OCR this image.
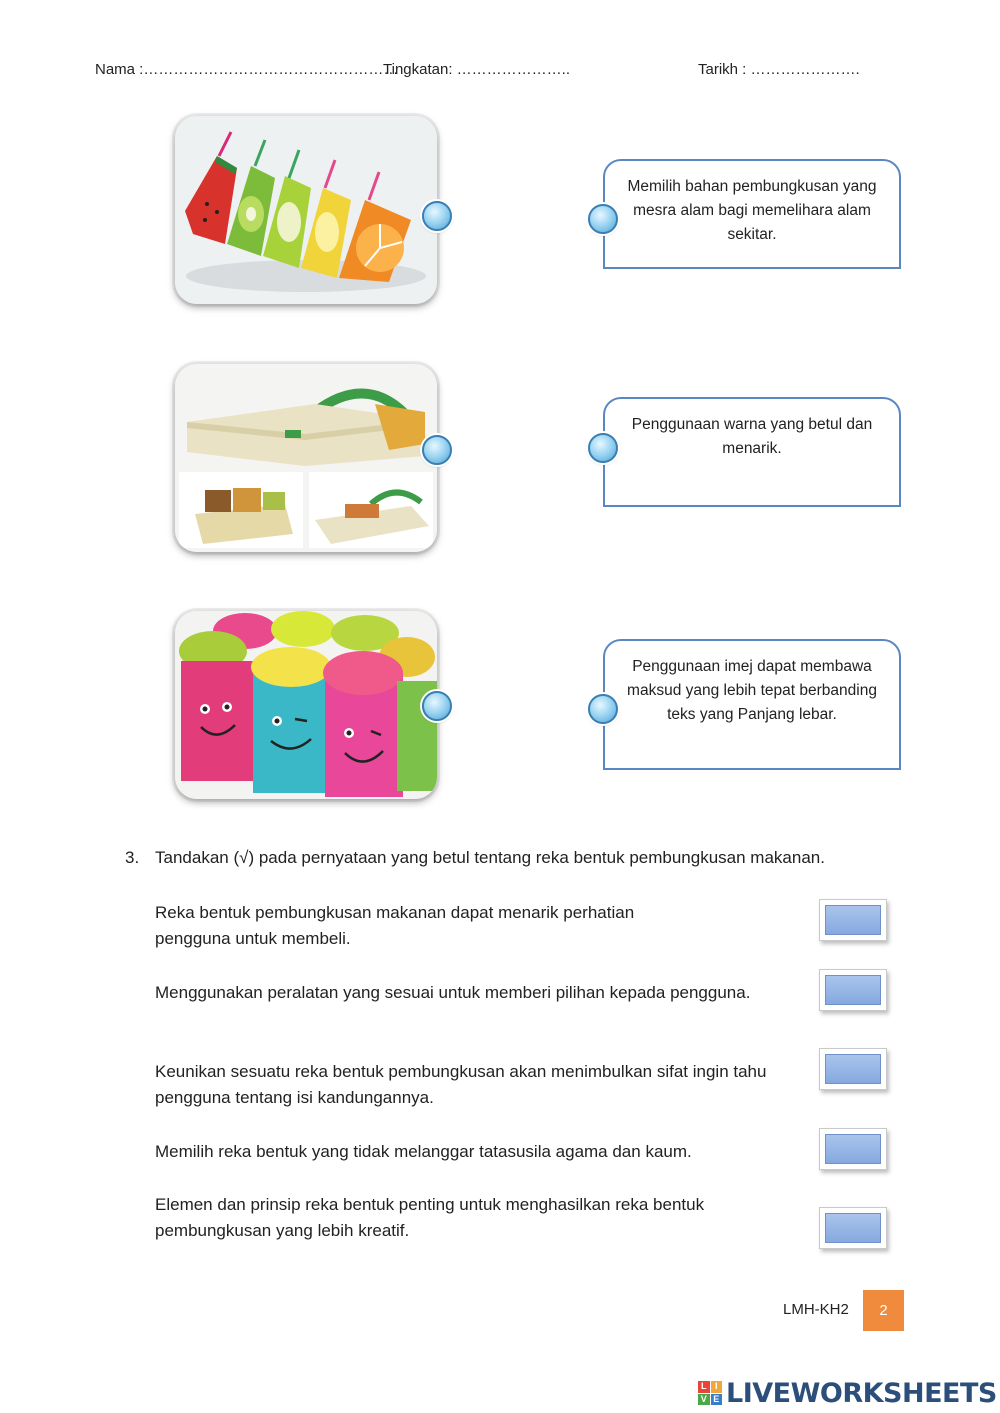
Nama :……………………………………………
Tingkatan: …………………..	Tarikh : ………………….
Memilih bahan pembungkusan yang mesra alam bagi memelihara alam sekitar.
Penggunaan warna yang betul dan menarik.
Penggunaan imej dapat membawa maksud yang lebih tepat berbanding teks yang Panjang lebar.
3. Tandakan (√) pada pernyataan yang betul tentang reka bentuk pembungkusan makanan.
Reka bentuk pembungkusan makanan dapat menarik perhatian pengguna untuk membeli.
Menggunakan peralatan yang sesuai untuk memberi pilihan kepada pengguna.
Keunikan sesuatu reka bentuk pembungkusan akan menimbulkan sifat ingin tahu pengguna tentang isi kandungannya.
Memilih reka bentuk yang tidak melanggar tatasusila agama dan kaum.
Elemen dan prinsip reka bentuk penting untuk menghasilkan reka bentuk pembungkusan yang lebih kreatif.
LMH-KH2	2
L I
V E LIVEWORKSHEETS
